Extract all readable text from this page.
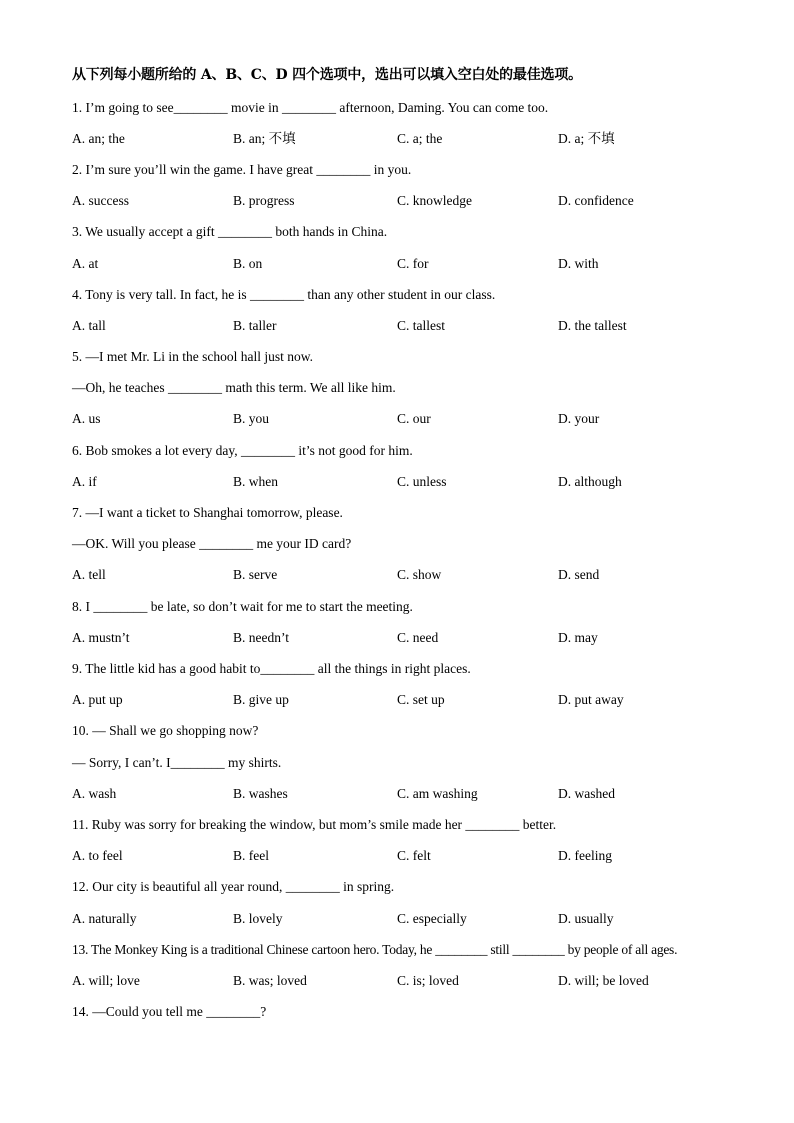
从下列每小题所给的 A、B、C、D 四个选项中，选出可以填入空白处的最佳选项。
1. I’m going to see________ movie in ________ afternoon, Daming. You can come too.
A. an; the	B. an; 不填	C. a; the	D. a; 不填
2. I’m sure you’ll win the game. I have great ________ in you.
A. success	B. progress	C. knowledge	D. confidence
3. We usually accept a gift ________ both hands in China.
A. at	B. on	C. for	D. with
4. Tony is very tall. In fact, he is ________ than any other student in our class.
A. tall	B. taller	C. tallest	D. the tallest
5. —I met Mr. Li in the school hall just now.
—Oh, he teaches ________ math this term. We all like him.
A. us	B. you	C. our	D. your
6. Bob smokes a lot every day, ________ it’s not good for him.
A. if	B. when	C. unless	D. although
7. —I want a ticket to Shanghai tomorrow, please.
—OK. Will you please ________ me your ID card?
A. tell	B. serve	C. show	D. send
8. I ________ be late, so don’t wait for me to start the meeting.
A. mustn’t	B. needn’t	C. need	D. may
9. The little kid has a good habit to________ all the things in right places.
A. put up	B. give up	C. set up	D. put away
10. — Shall we go shopping now?
— Sorry, I can’t. I________ my shirts.
A. wash	B. washes	C. am washing	D. washed
11. Ruby was sorry for breaking the window, but mom’s smile made her ________ better.
A. to feel	B. feel	C. felt	D. feeling
12. Our city is beautiful all year round, ________ in spring.
A. naturally	B. lovely	C. especially	D. usually
13. The Monkey King is a traditional Chinese cartoon hero. Today, he ________ still ________ by people of all ages.
A. will; love	B. was; loved	C. is; loved	D. will; be loved
14. —Could you tell me ________?
